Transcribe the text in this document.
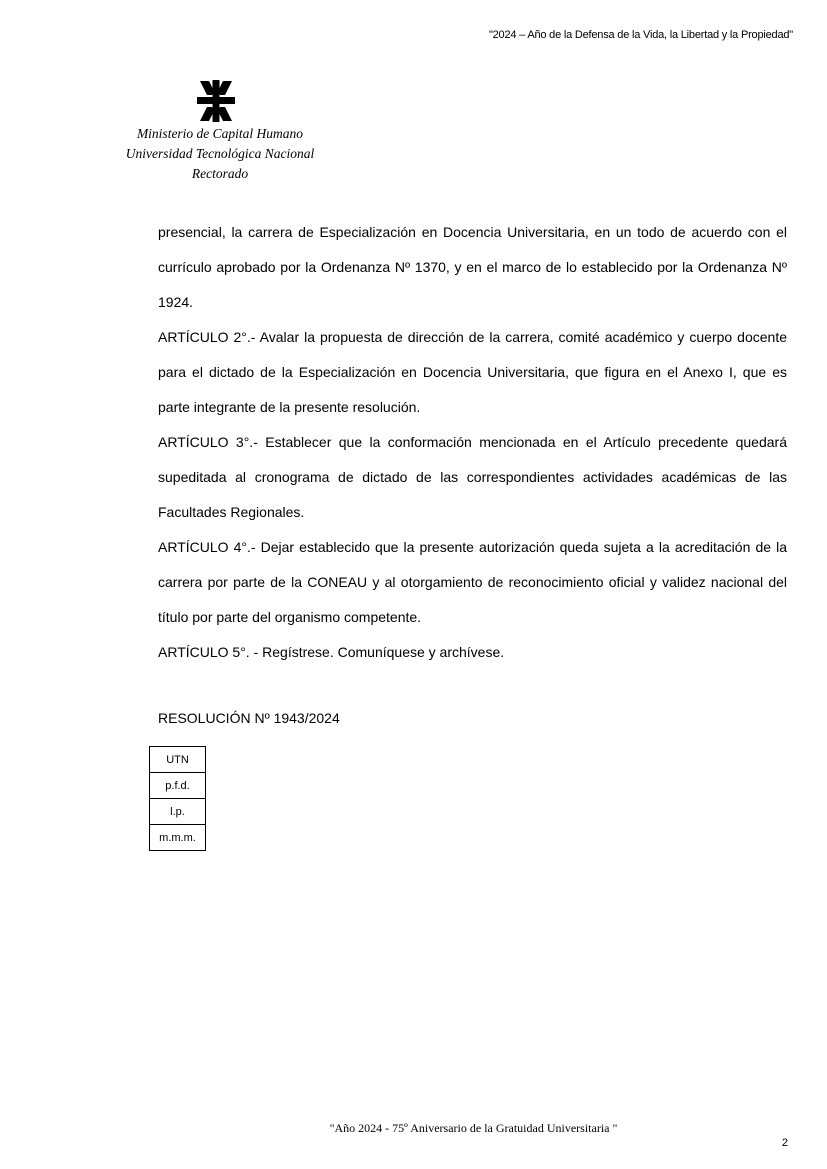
"2024 – Año de la Defensa de la Vida, la Libertad y la Propiedad"
Ministerio de Capital Humano
Universidad Tecnológica Nacional
Rectorado

presencial, la carrera de Especialización en Docencia Universitaria, en un todo de acuerdo con el currículo aprobado por la Ordenanza Nº 1370, y en el marco de lo establecido por la Ordenanza Nº 1924.

ARTÍCULO 2°.- Avalar la propuesta de dirección de la carrera, comité académico y cuerpo docente para el dictado de la Especialización en Docencia Universitaria, que figura en el Anexo I, que es parte integrante de la presente resolución.

ARTÍCULO 3°.- Establecer que la conformación mencionada en el Artículo precedente quedará supeditada al cronograma de dictado de las correspondientes actividades académicas de las Facultades Regionales.

ARTÍCULO 4°.- Dejar establecido que la presente autorización queda sujeta a la acreditación de la carrera por parte de la CONEAU y al otorgamiento de reconocimiento oficial y validez nacional del título por parte del organismo competente.

ARTÍCULO 5°. - Regístrese. Comuníquese y archívese.

RESOLUCIÓN Nº 1943/2024
UTN
p.f.d.
l.p.
m.m.m.
"Año 2024 - 75º Aniversario de la Gratuidad Universitaria "
2
